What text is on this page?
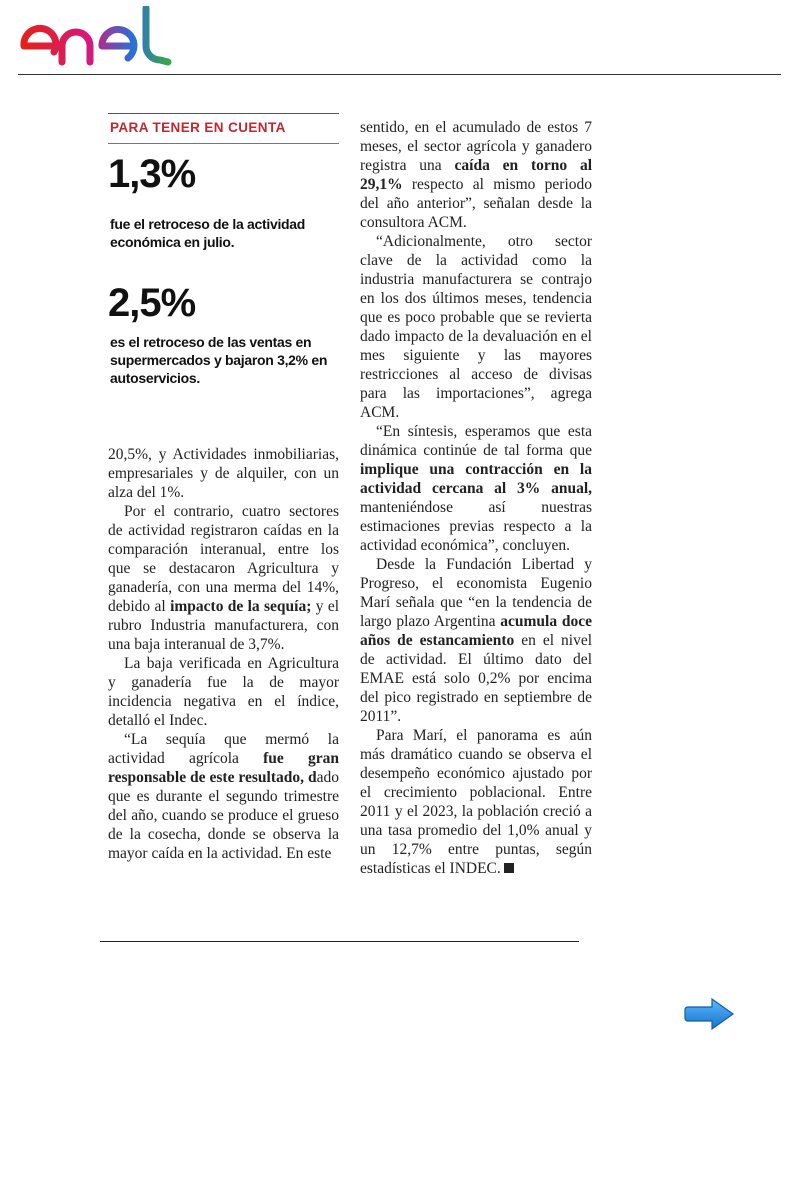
enel
PARA TENER EN CUENTA
1,3%
fue el retroceso de la actividad económica en julio.
2,5%
es el retroceso de las ventas en supermercados y bajaron 3,2% en autoservicios.

20,5%, y Actividades inmobiliarias, empresariales y de alquiler, con un alza del 1%.

Por el contrario, cuatro sectores de actividad registraron caídas en la comparación interanual, entre los que se destacaron Agricultura y ganadería, con una merma del 14%, debido al impacto de la sequía; y el rubro Industria manufacturera, con una baja interanual de 3,7%.

La baja verificada en Agricultura y ganadería fue la de mayor incidencia negativa en el índice, detalló el Indec.

“La sequía que mermó la actividad agrícola fue gran responsable de este resultado, dado que es durante el segundo trimestre del año, cuando se produce el grueso de la cosecha, donde se observa la mayor caída en la actividad. En este

sentido, en el acumulado de estos 7 meses, el sector agrícola y ganadero registra una caída en torno al 29,1% respecto al mismo periodo del año anterior”, señalan desde la consultora ACM.

“Adicionalmente, otro sector clave de la actividad como la industria manufacturera se contrajo en los dos últimos meses, tendencia que es poco probable que se revierta dado impacto de la devaluación en el mes siguiente y las mayores restricciones al acceso de divisas para las importaciones”, agrega ACM.

“En síntesis, esperamos que esta dinámica continúe de tal forma que implique una contracción en la actividad cercana al 3% anual, manteniéndose así nuestras estimaciones previas respecto a la actividad económica”, concluyen.

Desde la Fundación Libertad y Progreso, el economista Eugenio Marí señala que “en la tendencia de largo plazo Argentina acumula doce años de estancamiento en el nivel de actividad. El último dato del EMAE está solo 0,2% por encima del pico registrado en septiembre de 2011”.

Para Marí, el panorama es aún más dramático cuando se observa el desempeño económico ajustado por el crecimiento poblacional. Entre 2011 y el 2023, la población creció a una tasa promedio del 1,0% anual y un 12,7% entre puntas, según estadísticas el INDEC.
